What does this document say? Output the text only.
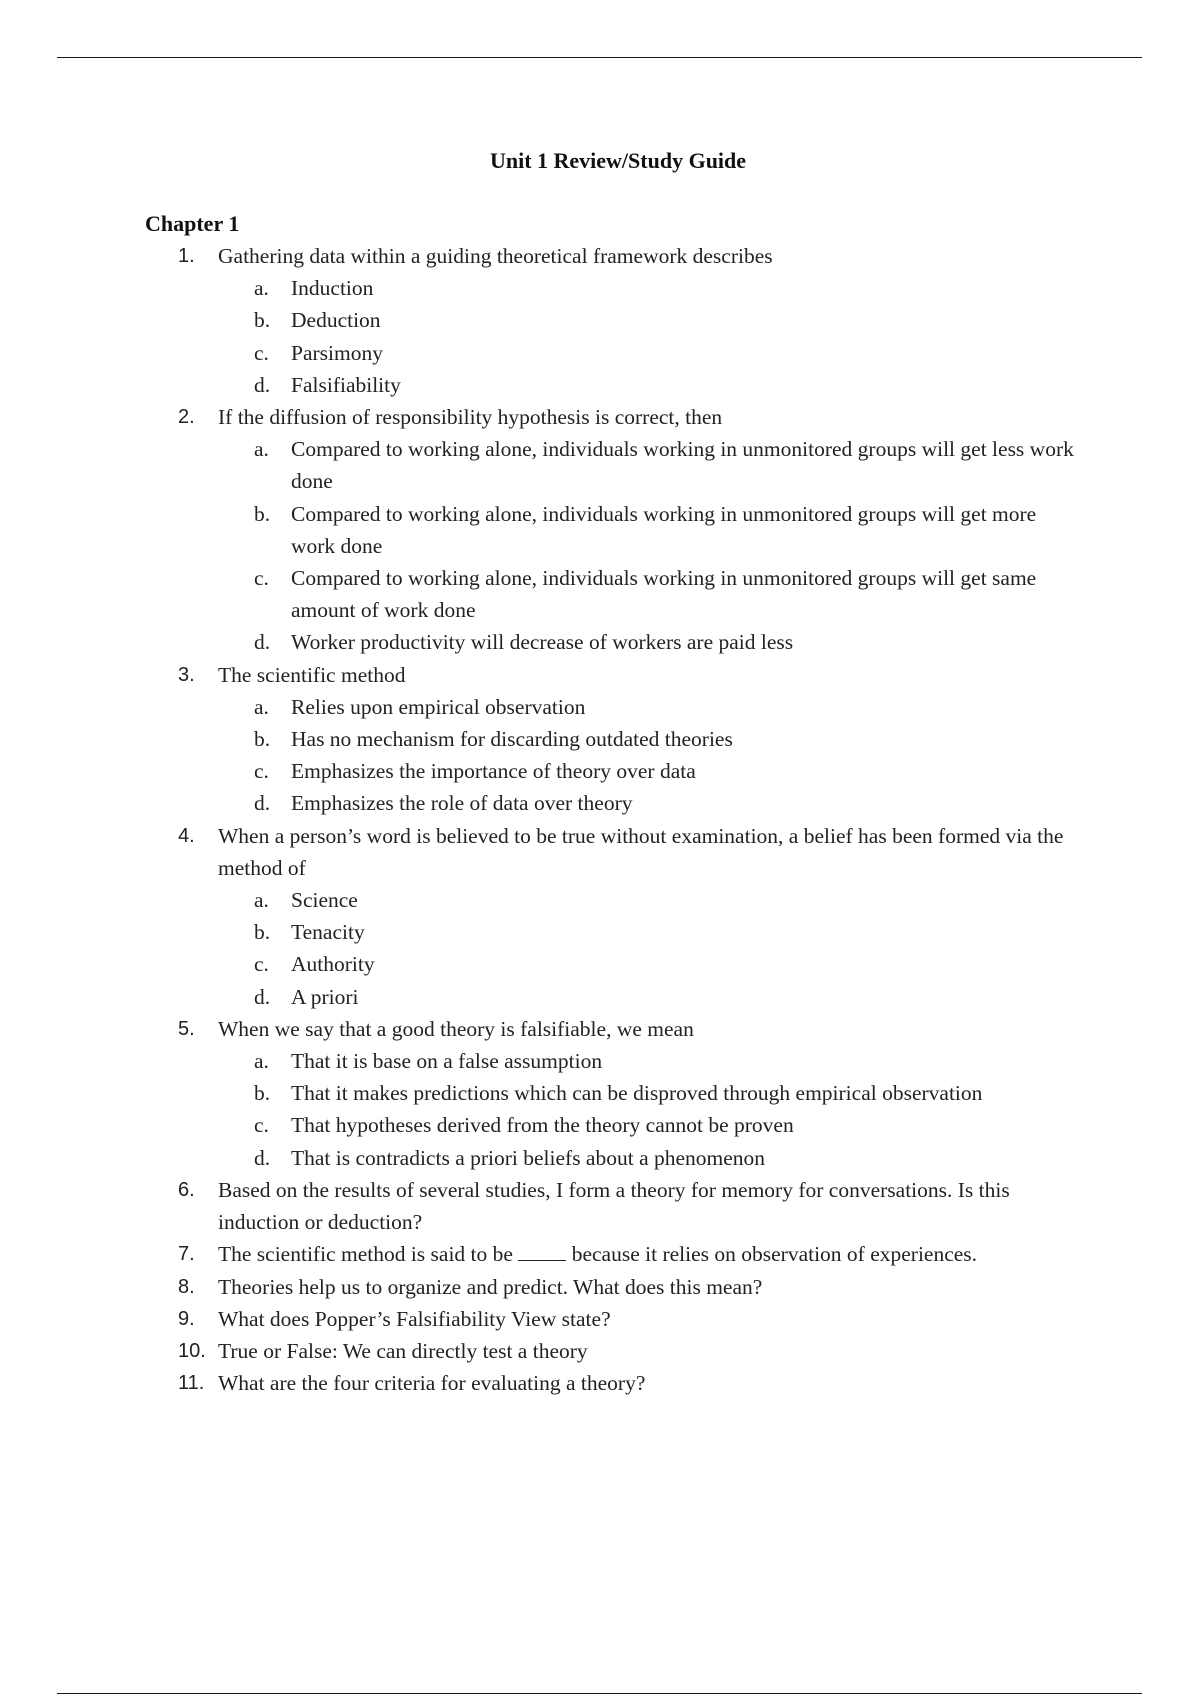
Unit 1 Review/Study Guide
Chapter 1
1.	Gathering data within a guiding theoretical framework describes
a. Induction
b. Deduction
c. Parsimony
d. Falsifiability
2.	If the diffusion of responsibility hypothesis is correct, then
a. Compared to working alone, individuals working in unmonitored groups will get less work done
b. Compared to working alone, individuals working in unmonitored groups will get more work done
c. Compared to working alone, individuals working in unmonitored groups will get same amount of work done
d. Worker productivity will decrease of workers are paid less
3.	The scientific method
a. Relies upon empirical observation
b. Has no mechanism for discarding outdated theories
c. Emphasizes the importance of theory over data
d. Emphasizes the role of data over theory
4.	When a person’s word is believed to be true without examination, a belief has been formed via the method of
a. Science
b. Tenacity
c. Authority
d. A priori
5.	When we say that a good theory is falsifiable, we mean
a. That it is base on a false assumption
b. That it makes predictions which can be disproved through empirical observation
c. That hypotheses derived from the theory cannot be proven
d. That is contradicts a priori beliefs about a phenomenon
6.	Based on the results of several studies, I form a theory for memory for conversations. Is this induction or deduction?
7.	The scientific method is said to be  because it relies on observation of experiences.
8.	Theories help us to organize and predict. What does this mean?
9.	What does Popper’s Falsifiability View state?
10. True or False: We can directly test a theory
11. What are the four criteria for evaluating a theory?
